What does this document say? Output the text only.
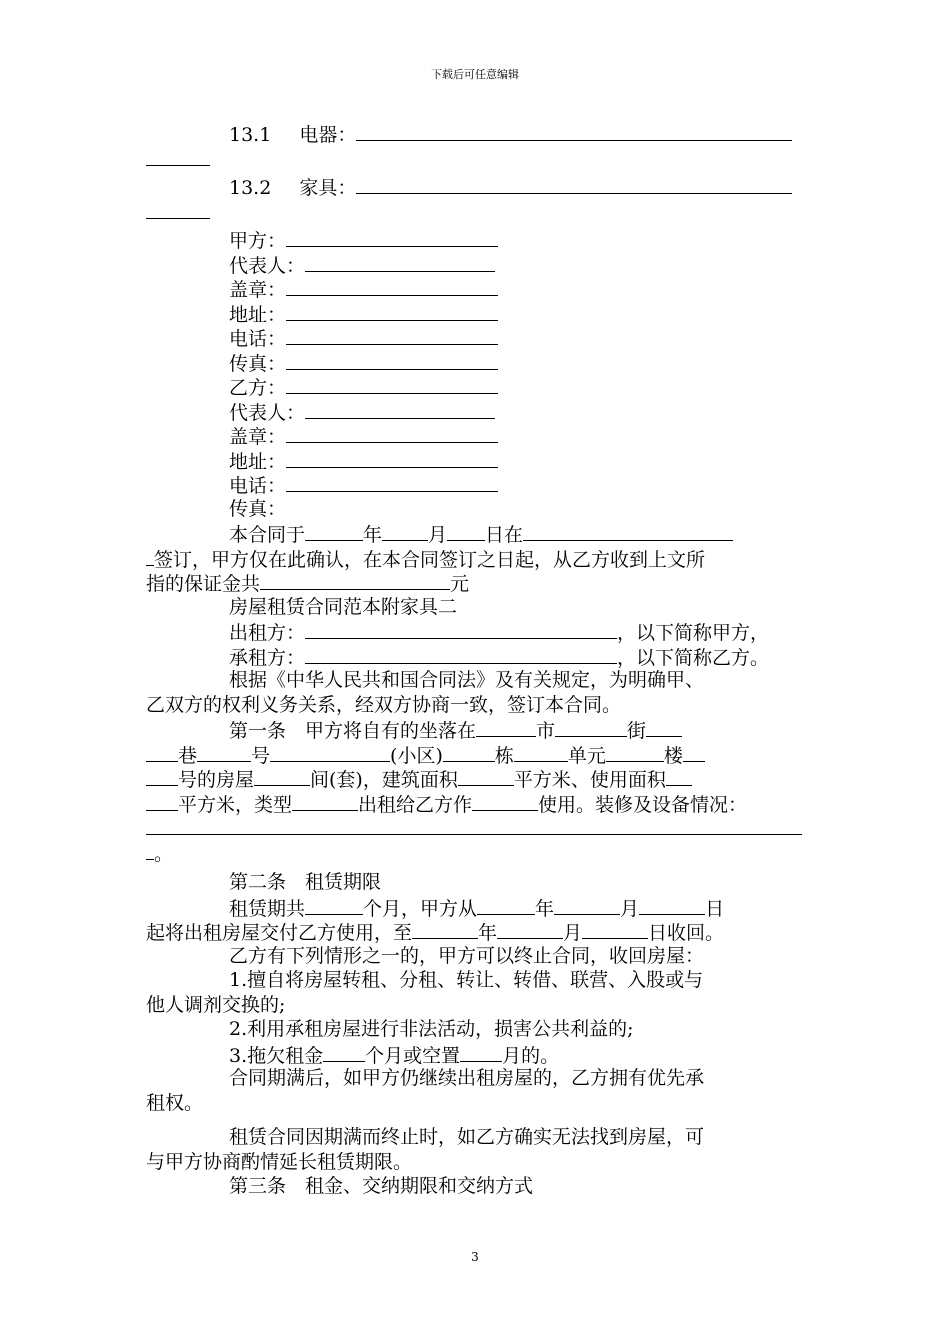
下载后可任意编辑
13.1 电器：
13.2 家具：
甲方：
代表人：
盖章：
地址：
电话：
传真：
乙方：
代表人：
盖章：
地址：
电话：
传真：
本合同于	年 月 日在
签订，甲方仅在此确认，在本合同签订之日起，从乙方收到上文所
指的保证金共	元
房屋租赁合同范本附家具二
出租方：	，以下简称甲方，
承租方：	，以下简称乙方。
根据《中华人民共和国合同法》及有关规定，为明确甲、
乙双方的权利义务关系，经双方协商一致，签订本合同。
第一条　甲方将自有的坐落在	市	街
巷	号	(小区)	栋	单元	楼
号的房屋	间(套)，建筑面积	平方米、使用面积
平方米，类型	出租给乙方作	使用。装修及设备情况：
。
第二条　租赁期限
租赁期共	个月，甲方从	年	月	日
起将出租房屋交付乙方使用，至	年	月	日收回。
乙方有下列情形之一的，甲方可以终止合同，收回房屋：
1.擅自将房屋转租、分租、转让、转借、联营、入股或与
他人调剂交换的;
2.利用承租房屋进行非法活动，损害公共利益的;
3.拖欠租金 个月或空置 月的。
合同期满后，如甲方仍继续出租房屋的，乙方拥有优先承
租权。
租赁合同因期满而终止时，如乙方确实无法找到房屋，可
与甲方协商酌情延长租赁期限。
第三条　租金、交纳期限和交纳方式
3
